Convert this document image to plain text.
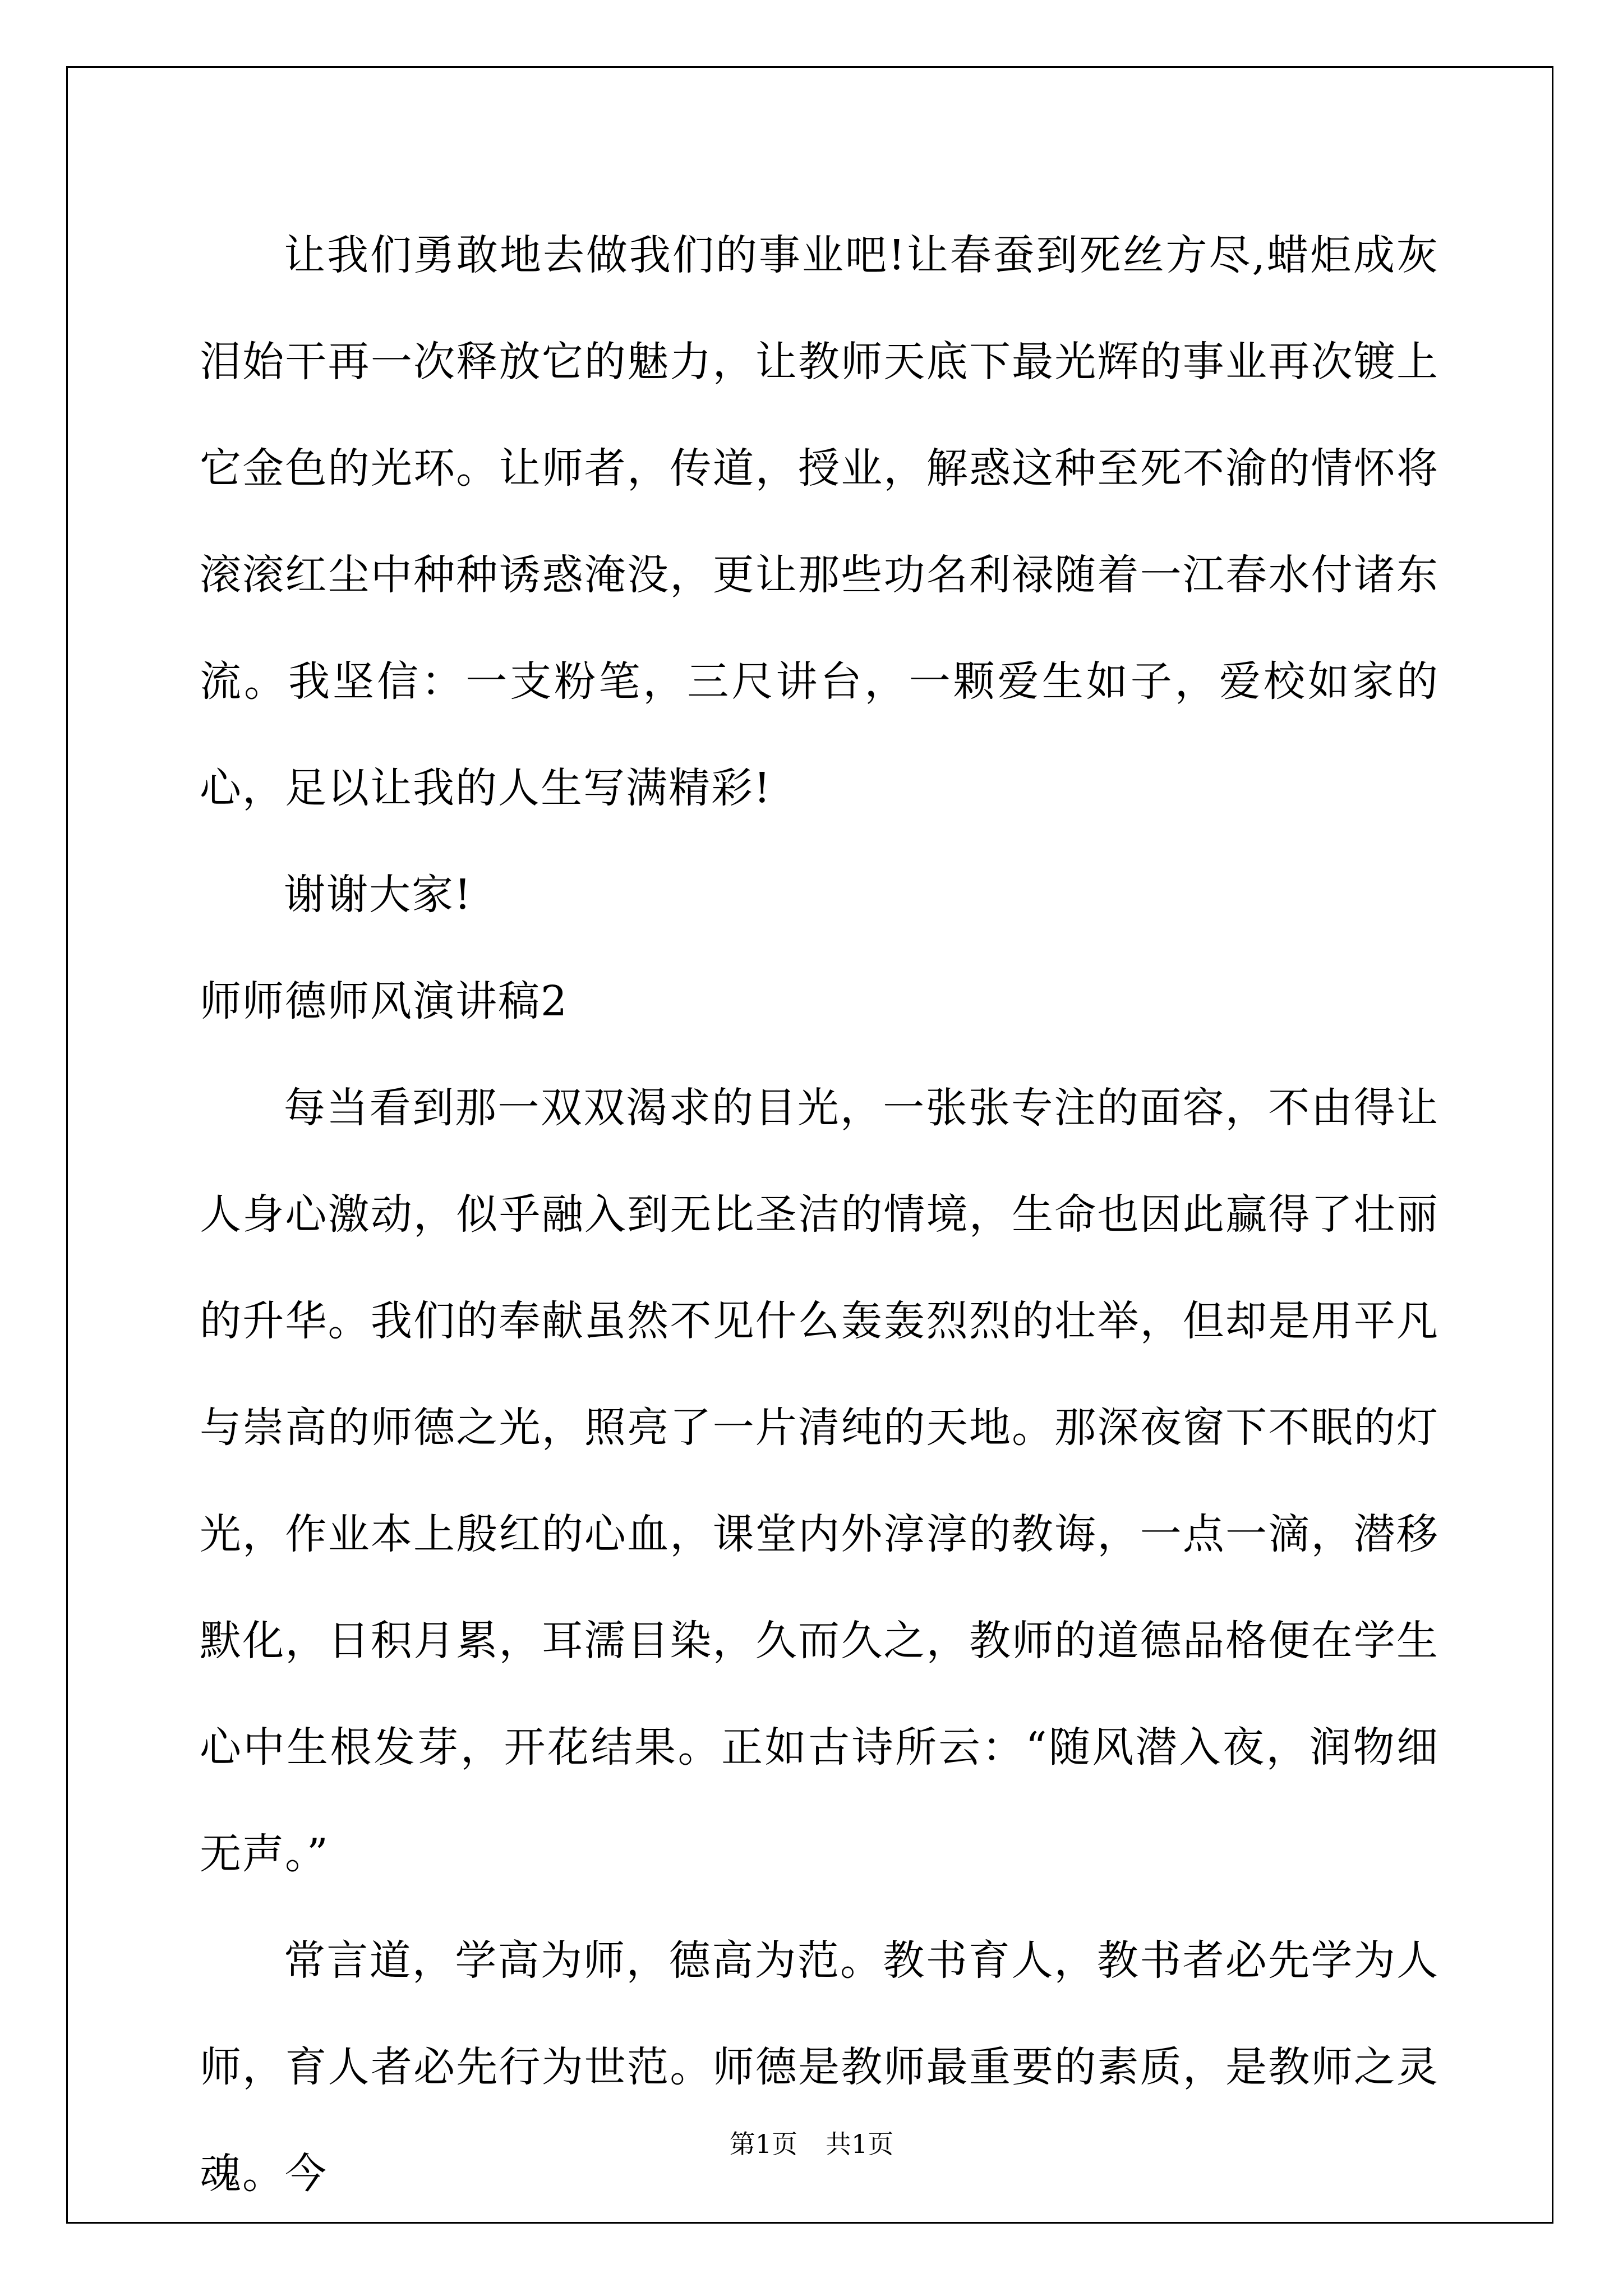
让我们勇敢地去做我们的事业吧!让春蚕到死丝方尽,蜡炬成灰泪始干再一次释放它的魅力，让教师天底下最光辉的事业再次镀上它金色的光环。让师者，传道，授业，解惑这种至死不渝的情怀将滚滚红尘中种种诱惑淹没，更让那些功名利禄随着一江春水付诸东流。我坚信：一支粉笔，三尺讲台，一颗爱生如子，爱校如家的心，足以让我的人生写满精彩!

谢谢大家!

师师德师风演讲稿2

每当看到那一双双渴求的目光，一张张专注的面容，不由得让人身心激动，似乎融入到无比圣洁的情境，生命也因此赢得了壮丽的升华。我们的奉献虽然不见什么轰轰烈烈的壮举，但却是用平凡与崇高的师德之光，照亮了一片清纯的天地。那深夜窗下不眠的灯光，作业本上殷红的心血，课堂内外淳淳的教诲，一点一滴，潜移默化，日积月累，耳濡目染，久而久之，教师的道德品格便在学生心中生根发芽，开花结果。正如古诗所云：“随风潜入夜，润物细无声。”

常言道，学高为师，德高为范。教书育人，教书者必先学为人师，育人者必先行为世范。师德是教师最重要的素质，是教师之灵魂。今

第1页 共1页
